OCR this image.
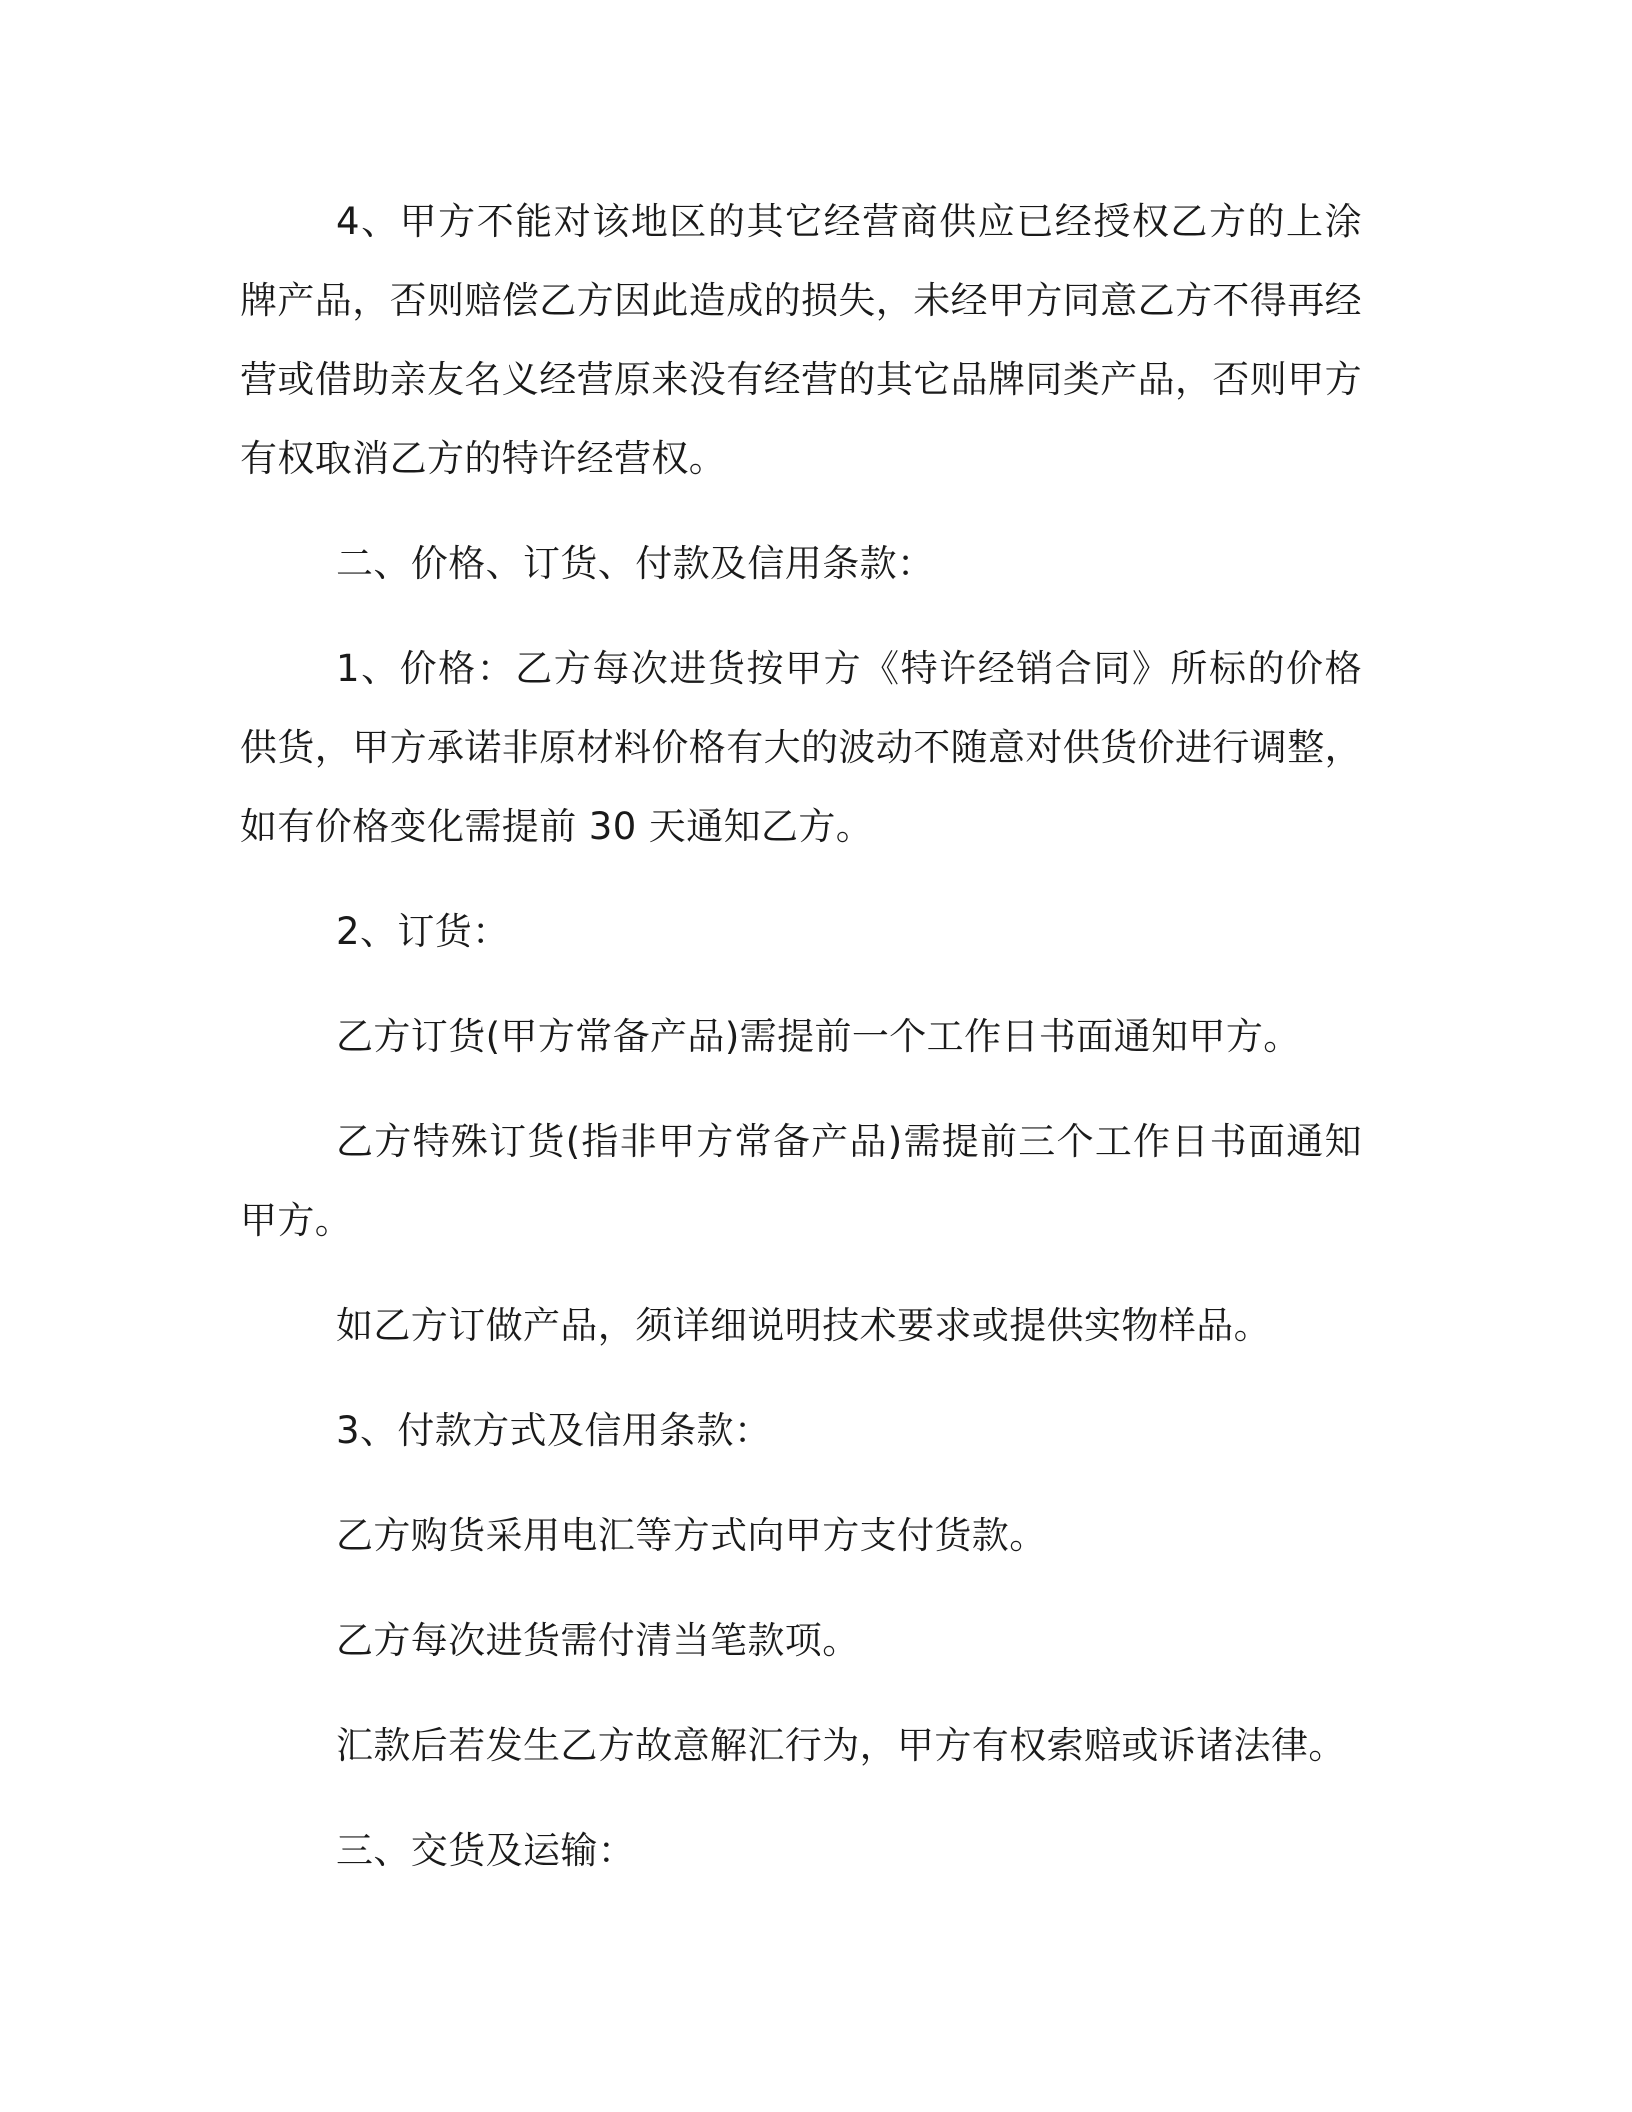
4、甲方不能对该地区的其它经营商供应已经授权乙方的上涂牌产品，否则赔偿乙方因此造成的损失，未经甲方同意乙方不得再经营或借助亲友名义经营原来没有经营的其它品牌同类产品，否则甲方有权取消乙方的特许经营权。

二、价格、订货、付款及信用条款：

1、价格：乙方每次进货按甲方《特许经销合同》所标的价格供货，甲方承诺非原材料价格有大的波动不随意对供货价进行调整，如有价格变化需提前 30 天通知乙方。

2、订货：

乙方订货(甲方常备产品)需提前一个工作日书面通知甲方。

乙方特殊订货(指非甲方常备产品)需提前三个工作日书面通知甲方。

如乙方订做产品，须详细说明技术要求或提供实物样品。

3、付款方式及信用条款：

乙方购货采用电汇等方式向甲方支付货款。

乙方每次进货需付清当笔款项。

汇款后若发生乙方故意解汇行为，甲方有权索赔或诉诸法律。

三、交货及运输：
